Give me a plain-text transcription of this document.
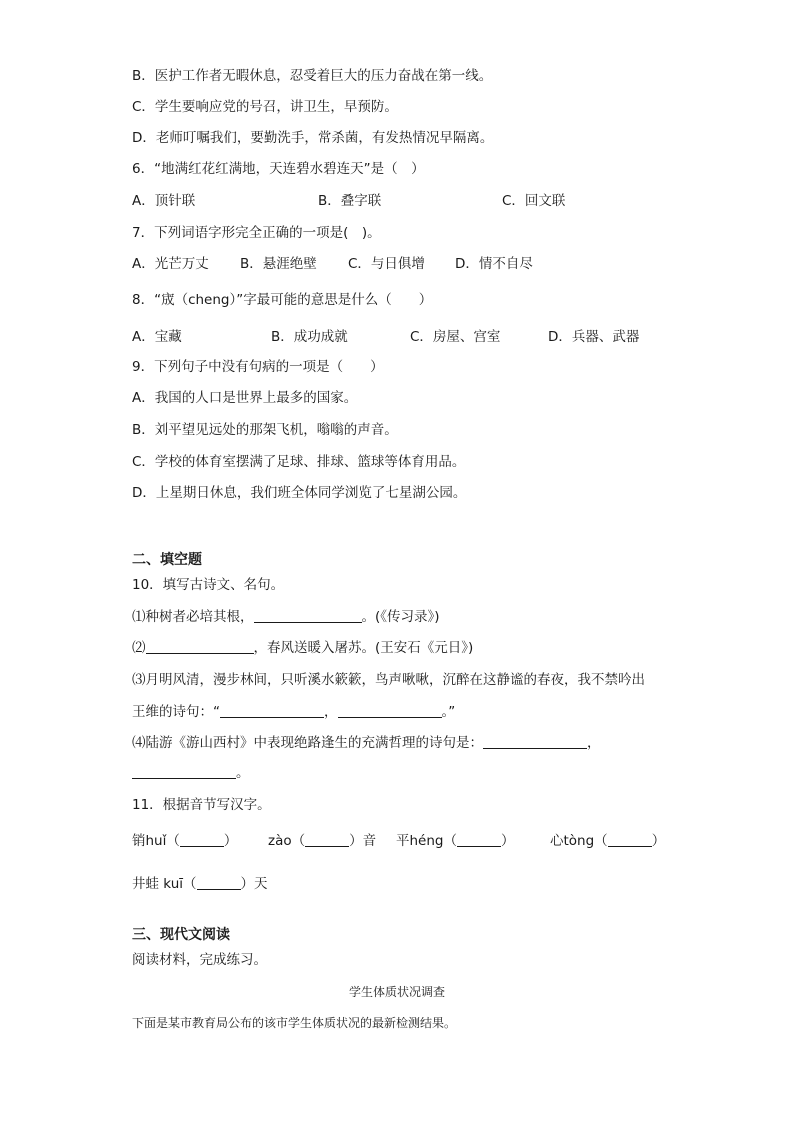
B．医护工作者无暇休息，忍受着巨大的压力奋战在第一线。
C．学生要响应党的号召，讲卫生，早预防。
D．老师叮嘱我们，要勤洗手，常杀菌，有发热情况早隔离。
6．“地满红花红满地，天连碧水碧连天”是（　）
A．顶针联	B．叠字联	C．回文联
7．下列词语字形完全正确的一项是(　)。
A．光芒万丈 B．悬涯绝壁 C．与日俱增 D．情不自尽
8．“宬（cheng）”字最可能的意思是什么（　　）
A．宝藏	B．成功成就	C．房屋、宫室	D．兵器、武器
9．下列句子中没有句病的一项是（　　）
A．我国的人口是世界上最多的国家。
B．刘平望见远处的那架飞机，嗡嗡的声音。
C．学校的体育室摆满了足球、排球、篮球等体育用品。
D．上星期日休息，我们班全体同学浏览了七星湖公园。
二、填空题
10．填写古诗文、名句。
⑴种树者必培其根，	。(《传习录》)
⑵	，春风送暖入屠苏。(王安石《元日》)
⑶月明风清，漫步林间，只听溪水簌簌，鸟声啾啾，沉醉在这静谧的春夜，我不禁吟出
王维的诗句：“	，	。”
⑷陆游《游山西村》中表现绝路逢生的充满哲理的诗句是：	，
。
11．根据音节写汉字。
销huǐ（	） zào（	）音 平héng（	）	心tòng（	）
井蛙 kuī（	）天
三、现代文阅读
阅读材料，完成练习。
学生体质状况调查
下面是某市教育局公布的该市学生体质状况的最新检测结果。
